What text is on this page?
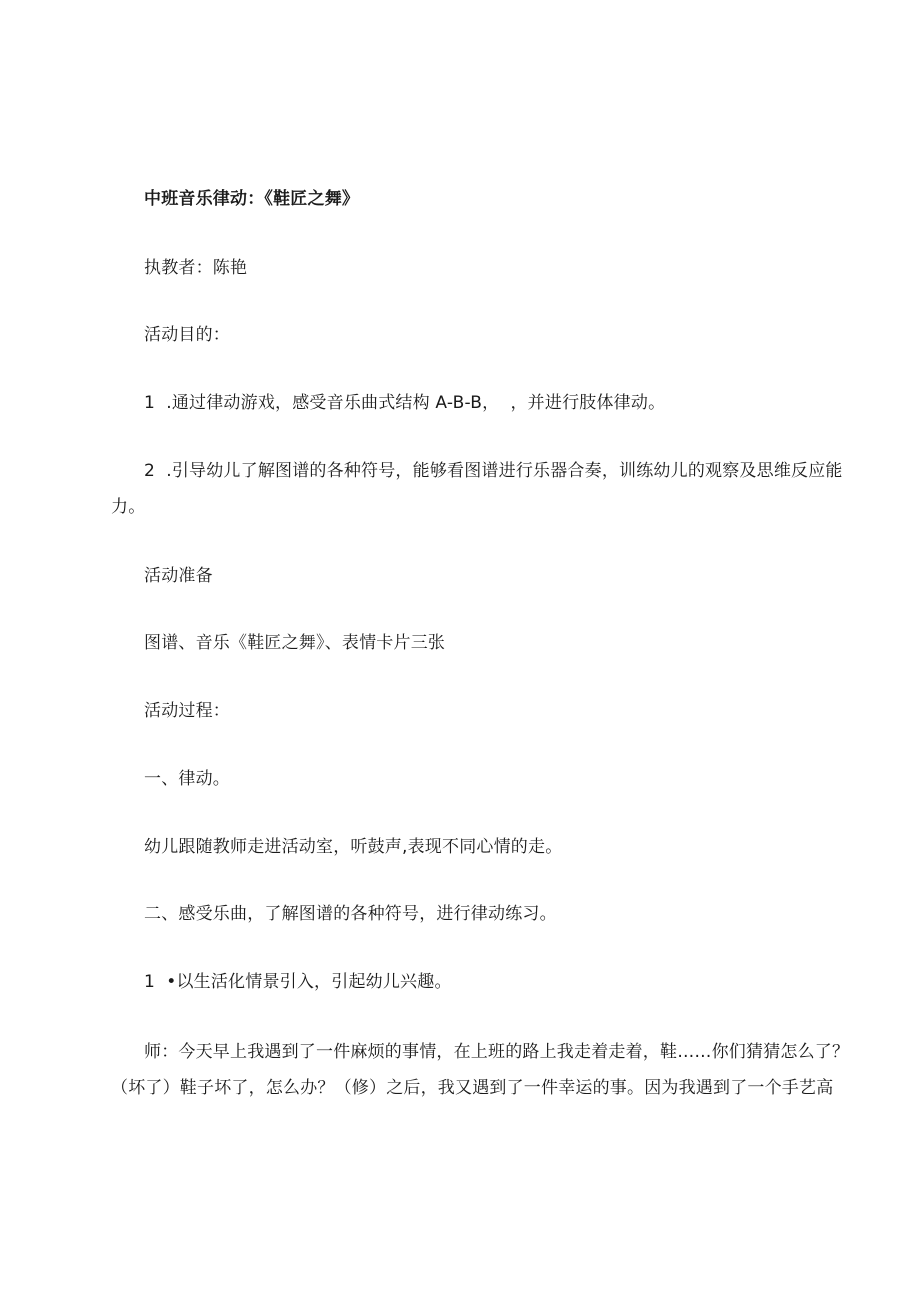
中班音乐律动：《鞋匠之舞》
执教者：陈艳
活动目的：
1  .通过律动游戏，感受音乐曲式结构 A-B-B，  ，并进行肢体律动。
2  .引导幼儿了解图谱的各种符号，能够看图谱进行乐器合奏，训练幼儿的观察及思维反应能
力。
活动准备
图谱、音乐《鞋匠之舞》、表情卡片三张
活动过程：
一、律动。
幼儿跟随教师走进活动室，听鼓声,表现不同心情的走。
二、感受乐曲，了解图谱的各种符号，进行律动练习。
1  •以生活化情景引入，引起幼儿兴趣。
师：今天早上我遇到了一件麻烦的事情，在上班的路上我走着走着，鞋……你们猜猜怎么了？
（坏了）鞋子坏了，怎么办？（修）之后，我又遇到了一件幸运的事。因为我遇到了一个手艺高
